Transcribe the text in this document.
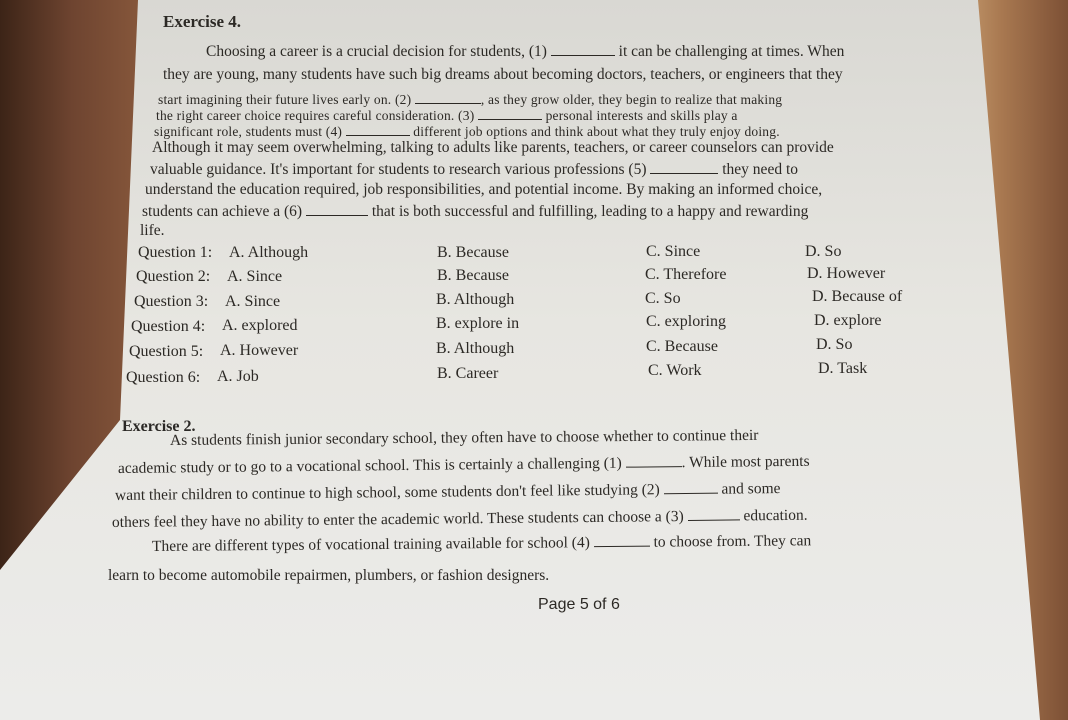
Exercise 4.
Choosing a career is a crucial decision for students, (1)	it can be challenging at times. When
they are young, many students have such big dreams about becoming doctors, teachers, or engineers that they
start imagining their future lives early on. (2)	, as they grow older, they begin to realize that making
the right career choice requires careful consideration. (3)	personal interests and skills play a
significant role, students must (4)	different job options and think about what they truly enjoy doing.
Although it may seem overwhelming, talking to adults like parents, teachers, or career counselors can provide
valuable guidance. It's important for students to research various professions (5)	they need to
understand the education required, job responsibilities, and potential income. By making an informed choice,
students can achieve a (6)	that is both successful and fulfilling, leading to a happy and rewarding
life.
Question 1: A. Although	B. Because	C. Since	D. So
Question 2: A. Since	B. Because	C. Therefore	D. However
Question 3: A. Since	B. Although	C. So	D. Because of
Question 4: A. explored	B. explore in	C. exploring	D. explore
Question 5: A. However	B. Although	C. Because	D. So
Question 6: A. Job	B. Career	C. Work	D. Task
Exercise 2.
As students finish junior secondary school, they often have to choose whether to continue their
academic study or to go to a vocational school. This is certainly a challenging (1)	. While most parents
want their children to continue to high school, some students don't feel like studying (2)	and some
others feel they have no ability to enter the academic world. These students can choose a (3)	education.
There are different types of vocational training available for school (4)	to choose from. They can
learn to become automobile repairmen, plumbers, or fashion designers.
Page 5 of 6
